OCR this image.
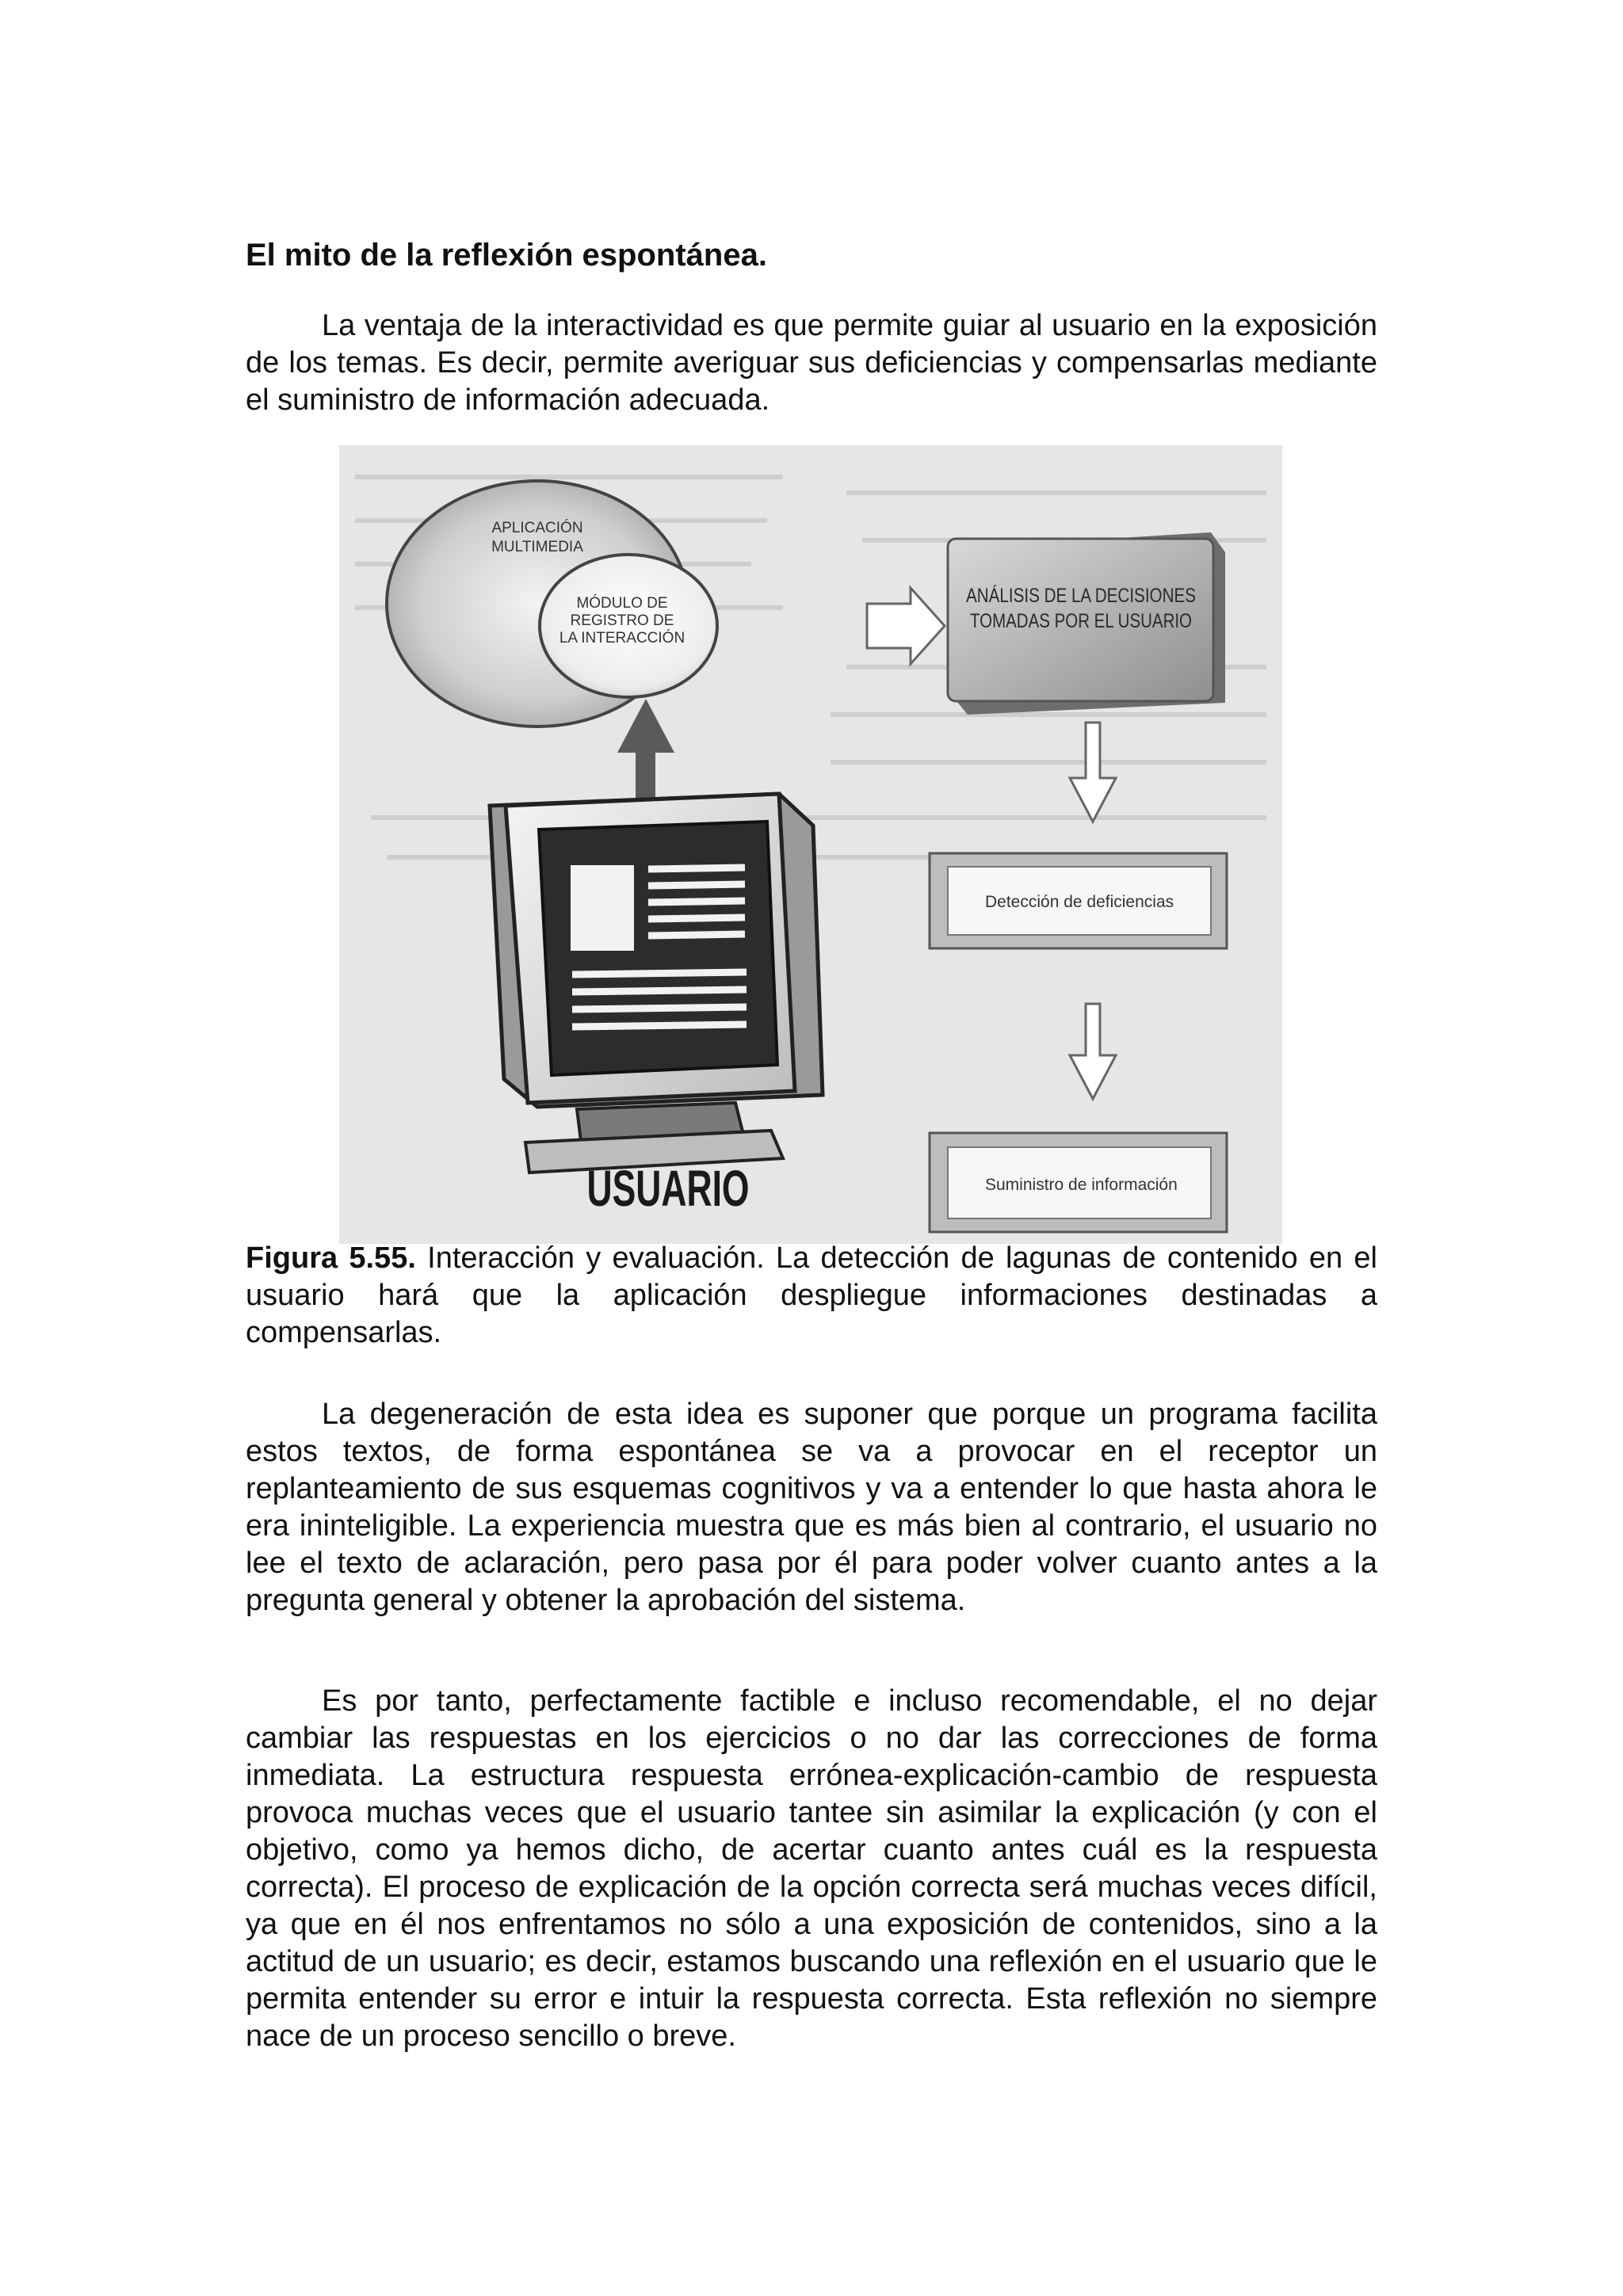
El mito de la reflexión espontánea.

La ventaja de la interactividad es que permite guiar al usuario en la exposición de los temas. Es decir, permite averiguar sus deficiencias y compensarlas mediante el suministro de información adecuada.

APLICACIÓN
MULTIMEDIA
MÓDULO DE
REGISTRO DE
LA INTERACCIÓN
ANÁLISIS DE LA DECISIONES
TOMADAS POR EL USUARIO
Detección de deficiencias
Suministro de información
USUARIO

Figura 5.55. Interacción y evaluación. La detección de lagunas de contenido en el usuario hará que la aplicación despliegue informaciones destinadas a compensarlas.

La degeneración de esta idea es suponer que porque un programa facilita estos textos, de forma espontánea se va a provocar en el receptor un replanteamiento de sus esquemas cognitivos y va a entender lo que hasta ahora le era ininteligible. La experiencia muestra que es más bien al contrario, el usuario no lee el texto de aclaración, pero pasa por él para poder volver cuanto antes a la pregunta general y obtener la aprobación del sistema.

Es por tanto, perfectamente factible e incluso recomendable, el no dejar cambiar las respuestas en los ejercicios o no dar las correcciones de forma inmediata. La estructura respuesta errónea-explicación-cambio de respuesta provoca muchas veces que el usuario tantee sin asimilar la explicación (y con el objetivo, como ya hemos dicho, de acertar cuanto antes cuál es la respuesta correcta). El proceso de explicación de la opción correcta será muchas veces difícil, ya que en él nos enfrentamos no sólo a una exposición de contenidos, sino a la actitud de un usuario; es decir, estamos buscando una reflexión en el usuario que le permita entender su error e intuir la respuesta correcta. Esta reflexión no siempre nace de un proceso sencillo o breve.
